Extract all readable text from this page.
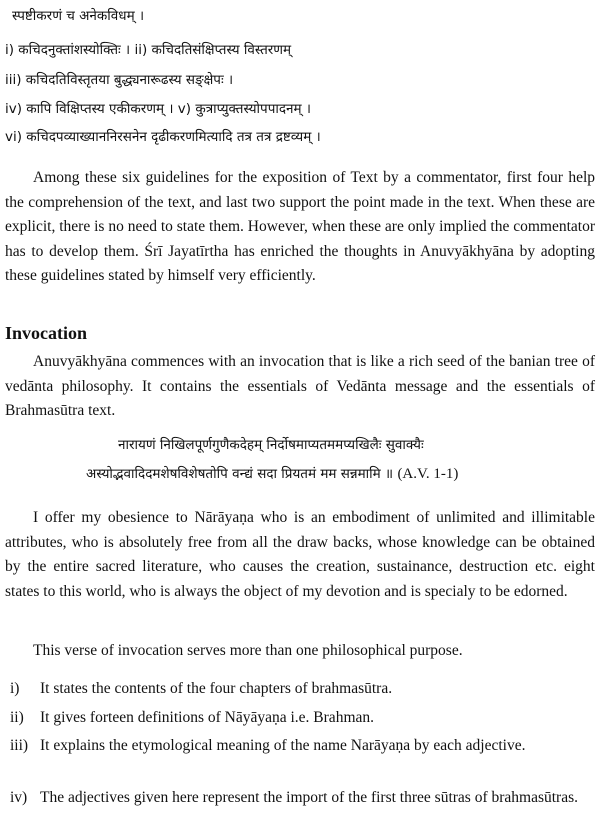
स्पष्टीकरणं च अनेकविधम् ।
i) कचिदनुक्तांशस्योक्तिः । ii) कचिदतिसंक्षिप्तस्य विस्तरणम्
iii) कचिदतिविस्तृतया बुद्ध्यनारूढस्य सङ्क्षेपः ।
iv) कापि विक्षिप्तस्य एकीकरणम् । v) कुत्राप्युक्तस्योपपादनम् ।
vi) कचिदपव्याख्याननिरसनेन दृढीकरणमित्यादि तत्र तत्र द्रष्टव्यम् ।

Among these six guidelines for the exposition of Text by a commentator, first four help the comprehension of the text, and last two support the point made in the text. When these are explicit, there is no need to state them. However, when these are only implied the commentator has to develop them. Śrī Jayatīrtha has enriched the thoughts in Anuvyākhyāna by adopting these guidelines stated by himself very efficiently.

Invocation

Anuvyākhyāna commences with an invocation that is like a rich seed of the banian tree of vedānta philosophy. It contains the essentials of Vedānta message and the essentials of Brahmasūtra text.

नारायणं निखिलपूर्णगुणैकदेहम् निर्दोषमाप्यतममप्यखिलैः सुवाक्यैः
अस्योद्भवादिदमशेषविशेषतोपि वन्द्यं सदा प्रियतमं मम सन्नमामि ॥ (A.V. 1-1)

I offer my obesience to Nārāyaṇa who is an embodiment of unlimited and illimitable attributes, who is absolutely free from all the draw backs, whose knowledge can be obtained by the entire sacred literature, who causes the creation, sustainance, destruction etc. eight states to this world, who is always the object of my devotion and is specialy to be edorned.

This verse of invocation serves more than one philosophical purpose.

i)	It states the contents of the four chapters of brahmasūtra.
ii)	It gives forteen definitions of Nāyāyaṇa i.e. Brahman.
iii) It explains the etymological meaning of the name Narāyaṇa by each adjective.
iv) The adjectives given here represent the import of the first three sūtras of brahmasūtras.
